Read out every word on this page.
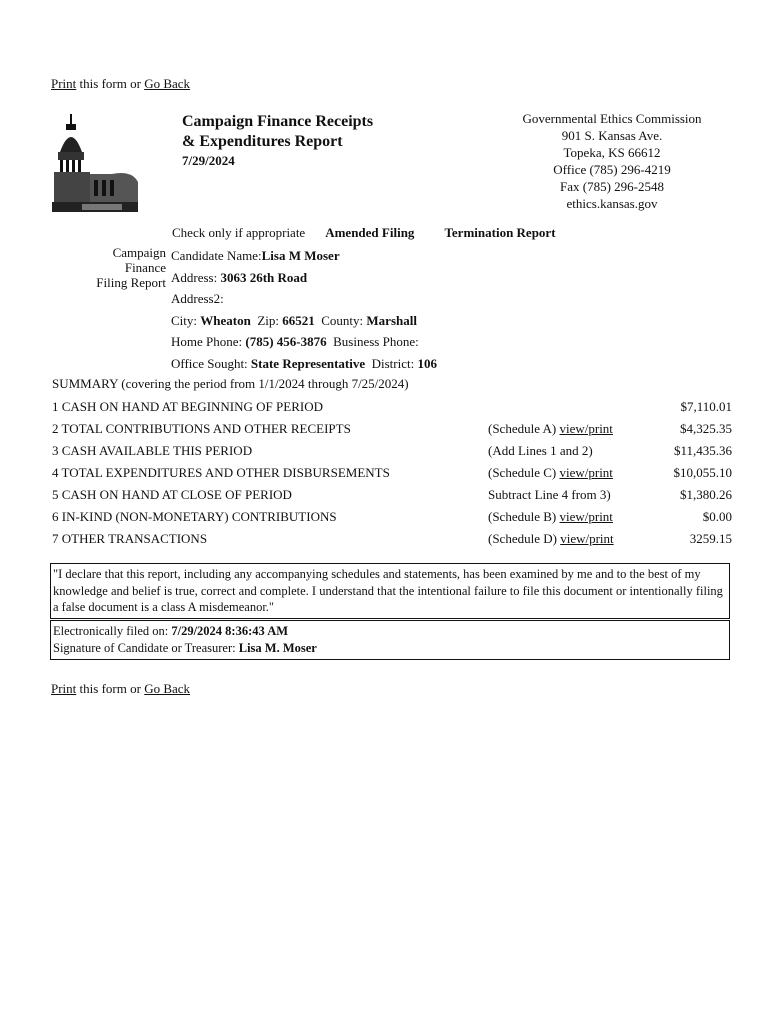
Print this form or Go Back
Campaign Finance Receipts
& Expenditures Report
7/29/2024
Governmental Ethics Commission
901 S. Kansas Ave.
Topeka, KS 66612
Office (785) 296-4219
Fax (785) 296-2548
ethics.kansas.gov
Check only if appropriate Amended Filing Termination Report
Campaign
Finance
Filing Report
Candidate Name:Lisa M Moser
Address: 3063 26th Road
Address2:
City: Wheaton Zip: 66521 County: Marshall
Home Phone: (785) 456-3876 Business Phone:
Office Sought: State Representative District: 106
SUMMARY (covering the period from 1/1/2024 through 7/25/2024)
1 CASH ON HAND AT BEGINNING OF PERIOD		$7,110.01
2 TOTAL CONTRIBUTIONS AND OTHER RECEIPTS	(Schedule A) view/print	$4,325.35
3 CASH AVAILABLE THIS PERIOD	(Add Lines 1 and 2)	$11,435.36
4 TOTAL EXPENDITURES AND OTHER DISBURSEMENTS	(Schedule C) view/print	$10,055.10
5 CASH ON HAND AT CLOSE OF PERIOD	Subtract Line 4 from 3)	$1,380.26
6 IN-KIND (NON-MONETARY) CONTRIBUTIONS	(Schedule B) view/print	$0.00
7 OTHER TRANSACTIONS	(Schedule D) view/print	3259.15
"I declare that this report, including any accompanying schedules and statements, has been examined by me and to the best of my knowledge and belief is true, correct and complete. I understand that the intentional failure to file this document or intentionally filing a false document is a class A misdemeanor."
Electronically filed on: 7/29/2024 8:36:43 AM
Signature of Candidate or Treasurer: Lisa M. Moser
Print this form or Go Back
